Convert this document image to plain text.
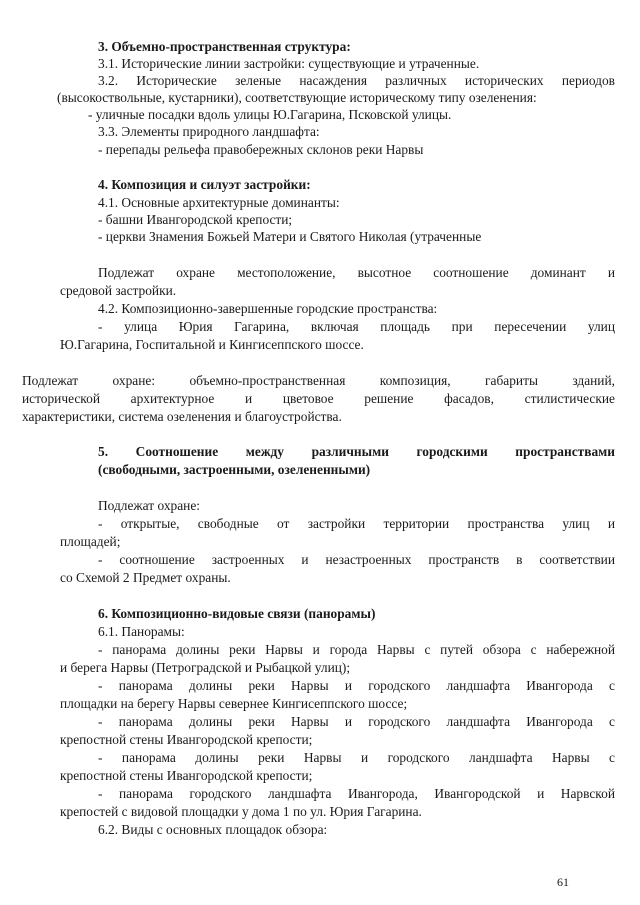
3. Объемно-пространственная структура:
3.1. Исторические линии застройки: существующие и утраченные.
3.2. Исторические зеленые насаждения различных исторических периодов
(высокоствольные, кустарники), соответствующие историческому типу озеленения:
- уличные посадки вдоль улицы Ю.Гагарина, Псковской улицы.
3.3. Элементы природного ландшафта:
- перепады рельефа правобережных склонов реки Нарвы
4. Композиция и силуэт застройки:
4.1. Основные архитектурные доминанты:
- башни Ивангородской крепости;
- церкви Знамения Божьей Матери и Святого Николая (утраченные
Подлежат охране местоположение, высотное соотношение доминант и
средовой застройки.
4.2. Композиционно-завершенные городские пространства:
- улица Юрия Гагарина, включая площадь при пересечении улиц
Ю.Гагарина, Госпитальной и Кингисеппского шоссе.
Подлежат охране: объемно-пространственная композиция, габариты зданий,
исторической архитектурное и цветовое решение фасадов, стилистические
характеристики, система озеленения и благоустройства.
5. Соотношение между различными городскими пространствами
(свободными, застроенными, озелененными)
Подлежат охране:
- открытые, свободные от застройки территории пространства улиц и
площадей;
- соотношение застроенных и незастроенных пространств в соответствии
со Схемой 2 Предмет охраны.
6. Композиционно-видовые связи (панорамы)
6.1. Панорамы:
- панорама долины реки Нарвы и города Нарвы с путей обзора с набережной
и берега Нарвы (Петроградской и Рыбацкой улиц);
- панорама долины реки Нарвы и городского ландшафта Ивангорода с
площадки на берегу Нарвы севернее Кингисеппского шоссе;
- панорама долины реки Нарвы и городского ландшафта Ивангорода с
крепостной стены Ивангородской крепости;
- панорама долины реки Нарвы и городского ландшафта Нарвы с
крепостной стены Ивангородской крепости;
- панорама городского ландшафта Ивангорода, Ивангородской и Нарвской
крепостей с видовой площадки у дома 1 по ул. Юрия Гагарина.
6.2. Виды с основных площадок обзора:
61
